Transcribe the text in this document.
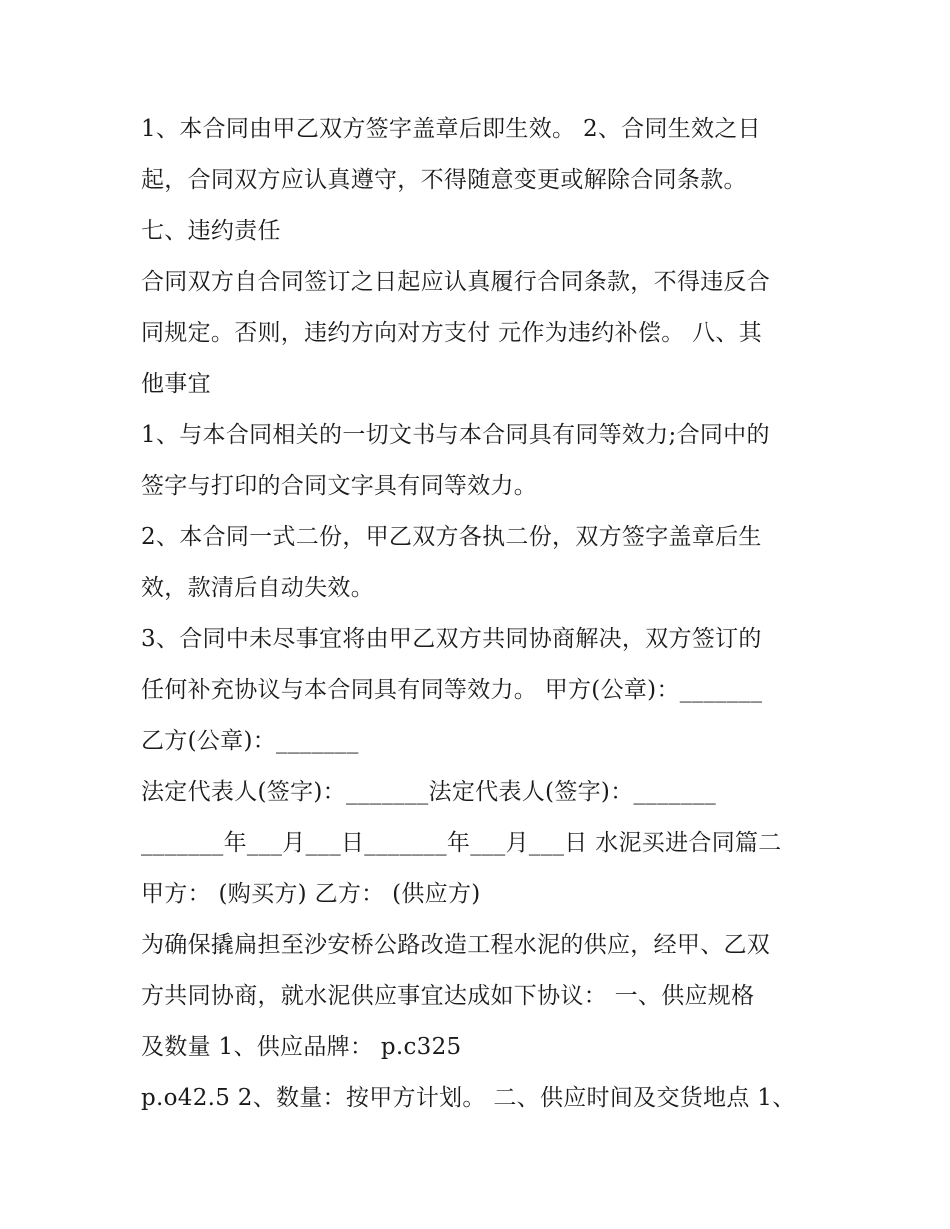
1、本合同由甲乙双方签字盖章后即生效。 2、合同生效之日
起，合同双方应认真遵守，不得随意变更或解除合同条款。
七、违约责任
合同双方自合同签订之日起应认真履行合同条款，不得违反合
同规定。否则，违约方向对方支付 元作为违约补偿。 八、其
他事宜
1、与本合同相关的一切文书与本合同具有同等效力;合同中的
签字与打印的合同文字具有同等效力。
2、本合同一式二份，甲乙双方各执二份，双方签字盖章后生
效，款清后自动失效。
3、合同中未尽事宜将由甲乙双方共同协商解决，双方签订的
任何补充协议与本合同具有同等效力。 甲方(公章)：_______
乙方(公章)：_______
法定代表人(签字)：_______法定代表人(签字)：_______
_______年___月___日_______年___月___日 水泥买进合同篇二
甲方： (购买方) 乙方： (供应方)
为确保撬扁担至沙安桥公路改造工程水泥的供应，经甲、乙双
方共同协商，就水泥供应事宜达成如下协议： 一、供应规格
及数量 1、供应品牌： p.c325
p.o42.5 2、数量：按甲方计划。 二、供应时间及交货地点 1、
